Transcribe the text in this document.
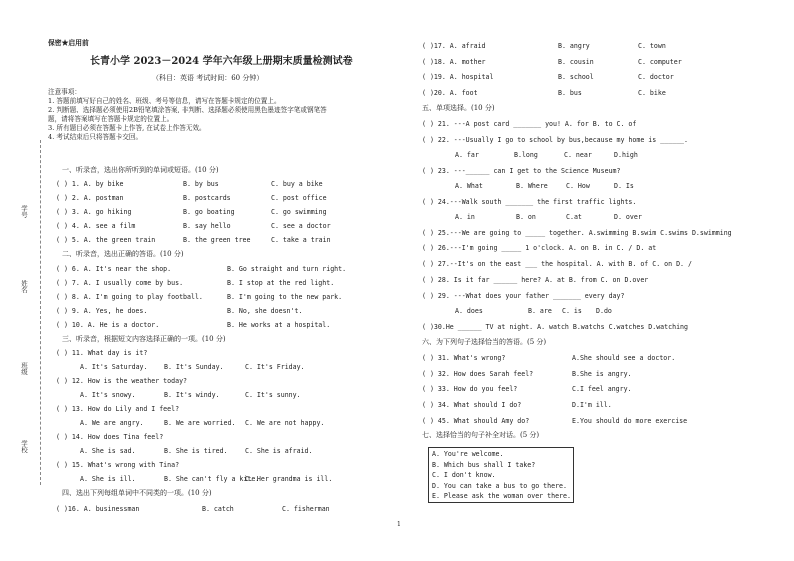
学号
姓名
班级
学校
保密★启用前
长青小学 2023－2024 学年六年级上册期末质量检测试卷
（科目：英语 考试时间：60 分钟）
注意事项：
1. 答题前填写好自己的姓名、班级、考号等信息，请写在答题卡规定的位置上。
2. 判断题、选择题必须使用2B铅笔填涂答案, 非判断、选择题必须使用黑色墨迹签字笔或钢笔答
题，请将答案填写在答题卡规定的位置上。
3. 所有题目必须在答题卡上作答, 在试卷上作答无效。
4. 考试结束后只将答题卡交回。
一、听录音，选出你所听到的单词或短语。(10 分)
( ) 1. A. by bike	B. by bus	C. buy a bike
( ) 2. A. postman	B. postcards	C. post office
( ) 3. A. go hiking	B. go boating	C. go swimming
( ) 4. A. see a film	B. say hello	C. see a doctor
( ) 5. A. the green train	B. the green tree	C. take a train
二、听录音，选出正确的答语。(10 分)
( ) 6. A. It's near the shop.	B. Go straight and turn right.
( ) 7. A. I usually come by bus.	B. I stop at the red light.
( ) 8. A. I'm going to play football.	B. I'm going to the new park.
( ) 9. A. Yes, he does.	B. No, she doesn't.
( ) 10. A. He is a doctor.	B. He works at a hospital.
三、听录音，根据短文内容选择正确的一项。(10 分)
( ) 11. What day is it?
A. It's Saturday.	B. It's Sunday.	C. It's Friday.
( ) 12. How is the weather today?
A. It's snowy.	B. It's windy.	C. It's sunny.
( ) 13. How do Lily and I feel?
A. We are angry.	B. We are worried. C. We are not happy.
( ) 14. How does Tina feel?
A. She is sad.	B. She is tired.	C. She is afraid.
( ) 15. What's wrong with Tina?
A. She is ill.	B. She can't fly a kite.
C. Her grandma is ill.
四、选出下列每组单词中不同类的一项。(10 分)
( )16. A. businessman	B. catch	C. fisherman
( )17. A. afraid	B. angry	C. town
( )18. A. mother	B. cousin	C. computer
( )19. A. hospital	B. school	C. doctor
( )20. A. foot	B. bus	C. bike
五、单项选择。(10 分)
( ) 21. ---A post card _______ you! A. for B. to C. of
( ) 22. ---Usually I go to school by bus,because my home is ______.
A. far	B.long	C. near	D.high
( ) 23. ---______ can I get to the Science Museum?
A. What	B. Where	C. How	D. Is
( ) 24.---Walk south _______ the first traffic lights.
A. in	B. on	C.at	D. over
( ) 25.---We are going to _____ together. A.swimming B.swim C.swims D.swimming
( ) 26.---I'm going _____ 1 o'clock. A. on B. in C. / D. at
( ) 27.--It's on the east ___ the hospital. A. with B. of C. on D. /
( ) 28. Is it far ______ here? A. at B. from C. on D.over
( ) 29. ---What does your father _______ every day?
A. does	B. are C. is D.do
( )30.He ______ TV at night. A. watch B.watchs C.watches D.watching
六、为下列句子选择恰当的答语。(5 分)
( ) 31. What's wrong?	A.She should see a doctor.
( ) 32. How does Sarah feel?	B.She is angry.
( ) 33. How do you feel?	C.I feel angry.
( ) 34. What should I do?	D.I'm ill.
( ) 45. What should Amy do?	E.You should do more exercise
七、选择恰当的句子补全对话。(5 分)
A. You're welcome.
B. Which bus shall I take?
C. I don't know.
D. You can take a bus to go there.
E. Please ask the woman over there.
1
